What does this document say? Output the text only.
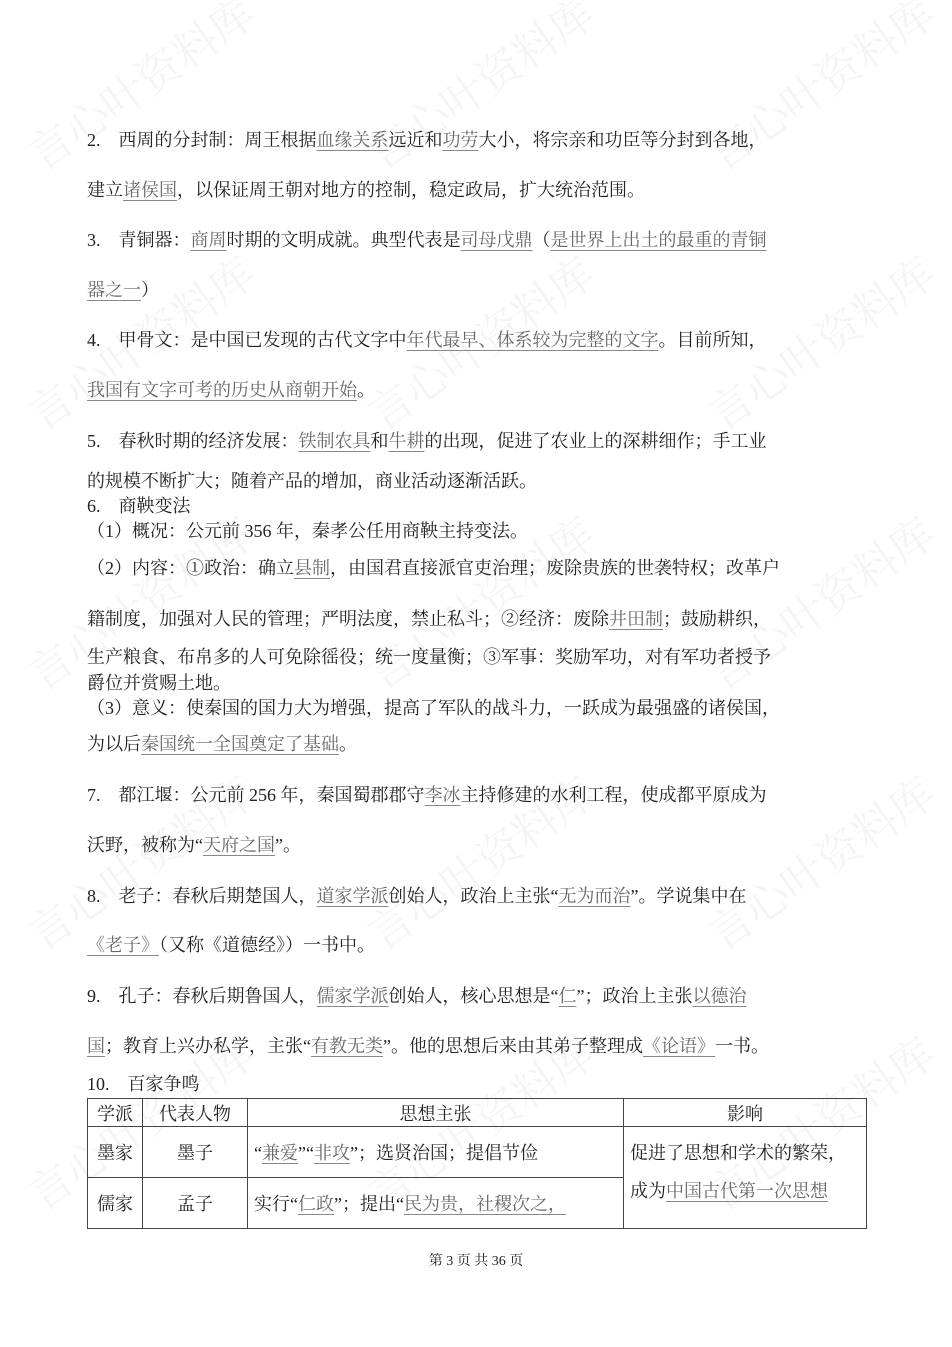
2.　西周的分封制：周王根据血缘关系远近和功劳大小，将宗亲和功臣等分封到各地，
建立诸侯国，以保证周王朝对地方的控制，稳定政局，扩大统治范围。
3.　青铜器：商周时期的文明成就。典型代表是司母戊鼎（是世界上出土的最重的青铜
器之一）
4.　甲骨文：是中国已发现的古代文字中年代最早、体系较为完整的文字。目前所知，
我国有文字可考的历史从商朝开始。
5.　春秋时期的经济发展：铁制农具和牛耕的出现，促进了农业上的深耕细作；手工业
的规模不断扩大；随着产品的增加，商业活动逐渐活跃。
6.　商鞅变法
（1）概况：公元前 356 年，秦孝公任用商鞅主持变法。
（2）内容：①政治：确立县制，由国君直接派官吏治理；废除贵族的世袭特权；改革户
籍制度，加强对人民的管理；严明法度，禁止私斗；②经济：废除井田制；鼓励耕织，
生产粮食、布帛多的人可免除徭役；统一度量衡；③军事：奖励军功，对有军功者授予
爵位并赏赐土地。
（3）意义：使秦国的国力大为增强，提高了军队的战斗力，一跃成为最强盛的诸侯国，
为以后秦国统一全国奠定了基础。
7.　都江堰：公元前 256 年，秦国蜀郡郡守李冰主持修建的水利工程，使成都平原成为
沃野，被称为“天府之国”。
8.　老子：春秋后期楚国人，道家学派创始人，政治上主张“无为而治”。学说集中在
《老子》（又称《道德经》）一书中。
9.　孔子：春秋后期鲁国人，儒家学派创始人，核心思想是“仁”；政治上主张以德治
国；教育上兴办私学，主张“有教无类”。他的思想后来由其弟子整理成《论语》一书。
10.　百家争鸣
学派	代表人物	思想主张	影响
墨家	墨子	“兼爱”“非攻”；选贤治国；提倡节俭	促进了思想和学术的繁荣，
成为中国古代第一次思想
儒家	孟子	实行“仁政”；提出“民为贵，社稷次之，	
第 3 页 共 36 页
